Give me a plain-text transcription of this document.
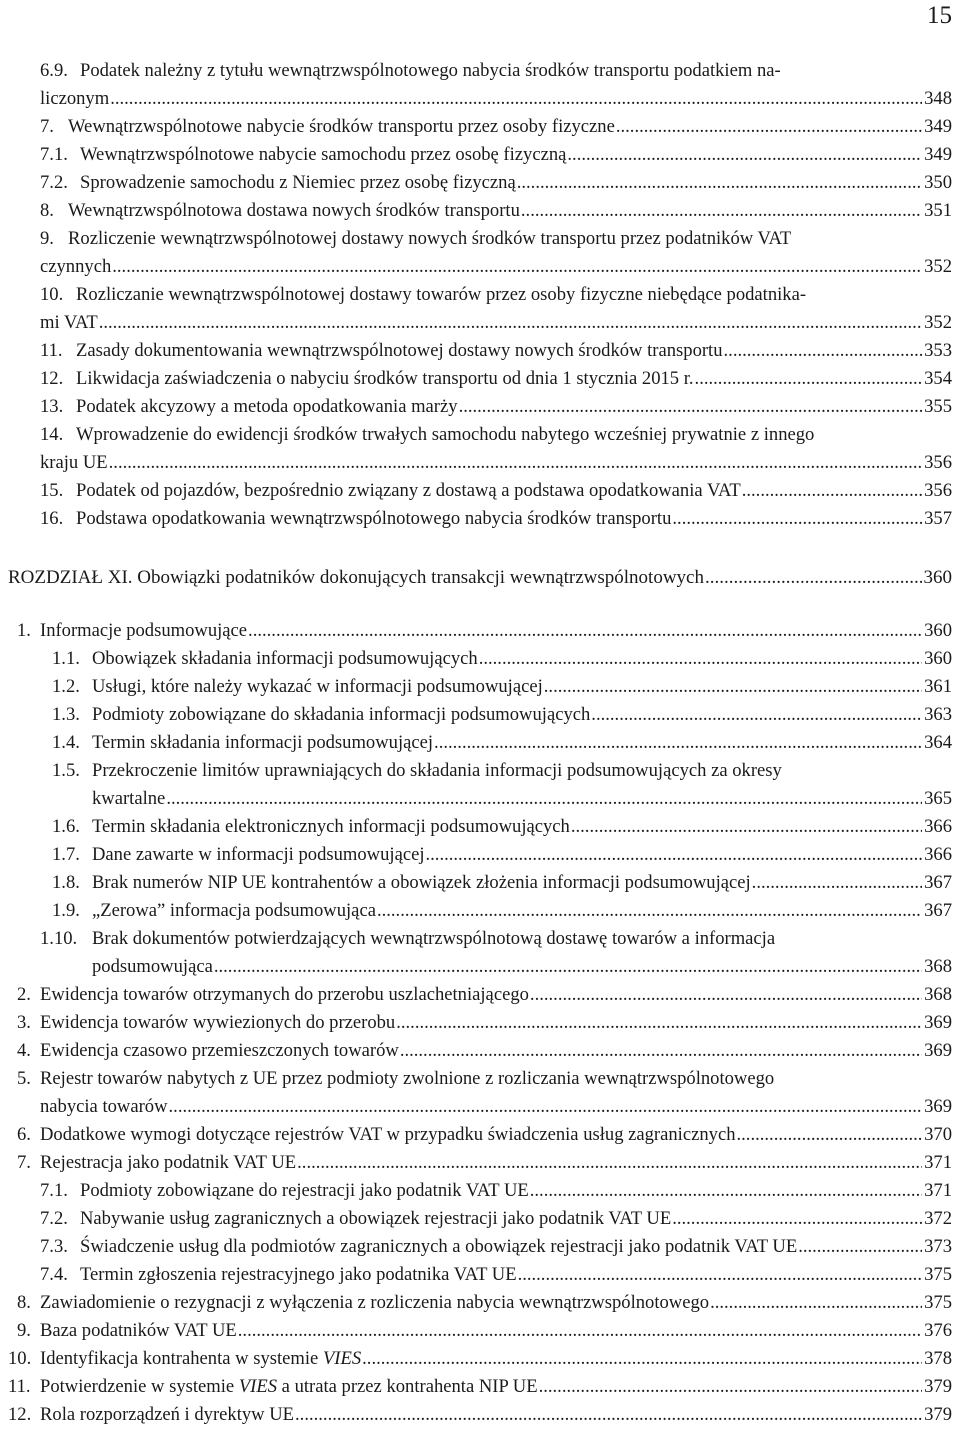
15
6.9. Podatek należny z tytułu wewnątrzwspólnotowego nabycia środków transportu podatkiem na-
liczonym .....	348
7. Wewnątrzwspólnotowe nabycie środków transportu przez osoby fizyczne .....	349
7.1. Wewnątrzwspólnotowe nabycie samochodu przez osobę fizyczną .....	349
7.2. Sprowadzenie samochodu z Niemiec przez osobę fizyczną .....	350
8. Wewnątrzwspólnotowa dostawa nowych środków transportu .....	351
9. Rozliczenie wewnątrzwspólnotowej dostawy nowych środków transportu przez podatników VAT
czynnych .....	352
10. Rozliczanie wewnątrzwspólnotowej dostawy towarów przez osoby fizyczne niebędące podatnika-
mi VAT .....	352
11. Zasady dokumentowania wewnątrzwspólnotowej dostawy nowych środków transportu .....	353
12. Likwidacja zaświadczenia o nabyciu środków transportu od dnia 1 stycznia 2015 r. .....	354
13. Podatek akcyzowy a metoda opodatkowania marży .....	355
14. Wprowadzenie do ewidencji środków trwałych samochodu nabytego wcześniej prywatnie z innego
kraju UE .....	356
15. Podatek od pojazdów, bezpośrednio związany z dostawą a podstawa opodatkowania VAT .....	356
16. Podstawa opodatkowania wewnątrzwspólnotowego nabycia środków transportu .....	357
ROZDZIAŁ XI. Obowiązki podatników dokonujących transakcji wewnątrzwspólnotowych .....	360
1. Informacje podsumowujące .....	360
1.1. Obowiązek składania informacji podsumowujących .....	360
1.2. Usługi, które należy wykazać w informacji podsumowującej .....	361
1.3. Podmioty zobowiązane do składania informacji podsumowujących .....	363
1.4. Termin składania informacji podsumowującej .....	364
1.5. Przekroczenie limitów uprawniających do składania informacji podsumowujących za okresy
kwartalne .....	365
1.6. Termin składania elektronicznych informacji podsumowujących .....	366
1.7. Dane zawarte w informacji podsumowującej .....	366
1.8. Brak numerów NIP UE kontrahentów a obowiązek złożenia informacji podsumowującej .....	367
1.9. „Zerowa” informacja podsumowująca .....	367
1.10. Brak dokumentów potwierdzających wewnątrzwspólnotową dostawę towarów a informacja
podsumowująca .....	368
2. Ewidencja towarów otrzymanych do przerobu uszlachetniającego .....	368
3. Ewidencja towarów wywiezionych do przerobu .....	369
4. Ewidencja czasowo przemieszczonych towarów .....	369
5. Rejestr towarów nabytych z UE przez podmioty zwolnione z rozliczania wewnątrzwspólnotowego
nabycia towarów .....	369
6. Dodatkowe wymogi dotyczące rejestrów VAT w przypadku świadczenia usług zagranicznych .....	370
7. Rejestracja jako podatnik VAT UE .....	371
7.1. Podmioty zobowiązane do rejestracji jako podatnik VAT UE .....	371
7.2. Nabywanie usług zagranicznych a obowiązek rejestracji jako podatnik VAT UE .....	372
7.3. Świadczenie usług dla podmiotów zagranicznych a obowiązek rejestracji jako podatnik VAT UE .....	373
7.4. Termin zgłoszenia rejestracyjnego jako podatnika VAT UE .....	375
8. Zawiadomienie o rezygnacji z wyłączenia z rozliczenia nabycia wewnątrzwspólnotowego .....	375
9. Baza podatników VAT UE .....	376
10. Identyfikacja kontrahenta w systemie VIES .....	378
11. Potwierdzenie w systemie VIES a utrata przez kontrahenta NIP UE .....	379
12. Rola rozporządzeń i dyrektyw UE .....	379
